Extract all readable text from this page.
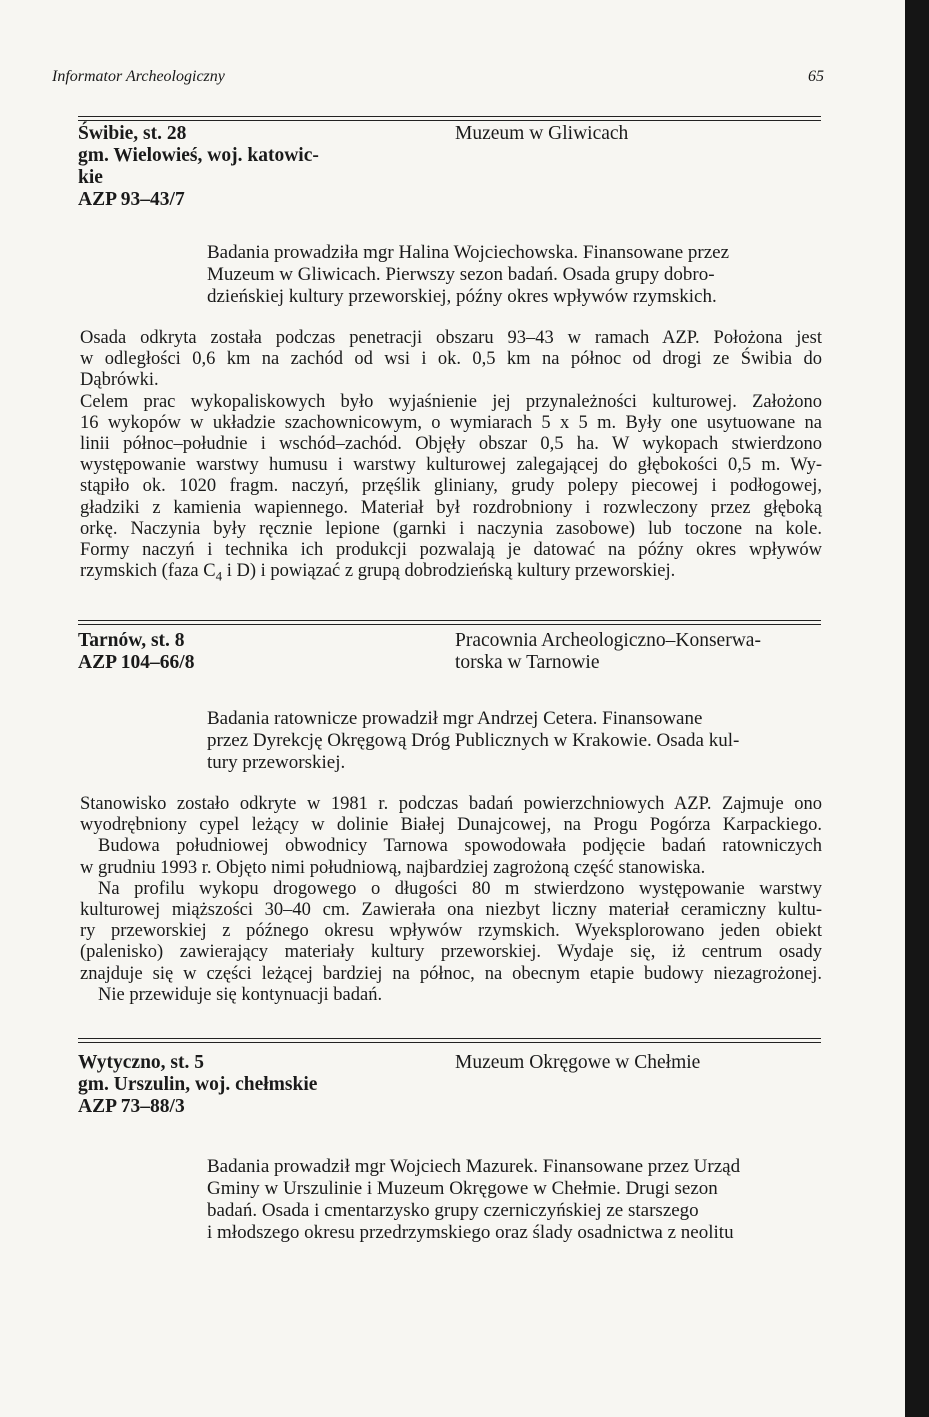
Informator Archeologiczny	65
Świbie, st. 28
gm. Wielowieś, woj. katowic-
kie
AZP 93–43/7
Muzeum w Gliwicach
Badania prowadziła mgr Halina Wojciechowska. Finansowane przez
Muzeum w Gliwicach. Pierwszy sezon badań. Osada grupy dobro-
dzieńskiej kultury przeworskiej, późny okres wpływów rzymskich.
Osada odkryta została podczas penetracji obszaru 93–43 w ramach AZP. Położona jest
w odległości 0,6 km na zachód od wsi i ok. 0,5 km na północ od drogi ze Świbia do
Dąbrówki.
Celem prac wykopaliskowych było wyjaśnienie jej przynależności kulturowej. Założono
16 wykopów w układzie szachownicowym, o wymiarach 5 x 5 m. Były one usytuowane na
linii północ–południe i wschód–zachód. Objęły obszar 0,5 ha. W wykopach stwierdzono
występowanie warstwy humusu i warstwy kulturowej zalegającej do głębokości 0,5 m. Wy-
stąpiło ok. 1020 fragm. naczyń, przęślik gliniany, grudy polepy piecowej i podłogowej,
gładziki z kamienia wapiennego. Materiał był rozdrobniony i rozwleczony przez głęboką
orkę. Naczynia były ręcznie lepione (garnki i naczynia zasobowe) lub toczone na kole.
Formy naczyń i technika ich produkcji pozwalają je datować na późny okres wpływów
rzymskich (faza $C_4$ i D) i powiązać z grupą dobrodzieńską kultury przeworskiej.
Tarnów, st. 8
AZP 104–66/8
Pracownia Archeologiczno–Konserwa-
torska w Tarnowie
Badania ratownicze prowadził mgr Andrzej Cetera. Finansowane
przez Dyrekcję Okręgową Dróg Publicznych w Krakowie. Osada kul-
tury przeworskiej.
Stanowisko zostało odkryte w 1981 r. podczas badań powierzchniowych AZP. Zajmuje ono
wyodrębniony cypel leżący w dolinie Białej Dunajcowej, na Progu Pogórza Karpackiego.
Budowa południowej obwodnicy Tarnowa spowodowała podjęcie badań ratowniczych
w grudniu 1993 r. Objęto nimi południową, najbardziej zagrożoną część stanowiska.
Na profilu wykopu drogowego o długości 80 m stwierdzono występowanie warstwy
kulturowej miąższości 30–40 cm. Zawierała ona niezbyt liczny materiał ceramiczny kultu-
ry przeworskiej z późnego okresu wpływów rzymskich. Wyeksplorowano jeden obiekt
(palenisko) zawierający materiały kultury przeworskiej. Wydaje się, iż centrum osady
znajduje się w części leżącej bardziej na północ, na obecnym etapie budowy niezagrożonej.
Nie przewiduje się kontynuacji badań.
Wytyczno, st. 5
gm. Urszulin, woj. chełmskie
AZP 73–88/3
Muzeum Okręgowe w Chełmie
Badania prowadził mgr Wojciech Mazurek. Finansowane przez Urząd
Gminy w Urszulinie i Muzeum Okręgowe w Chełmie. Drugi sezon
badań. Osada i cmentarzysko grupy czerniczyńskiej ze starszego
i młodszego okresu przedrzymskiego oraz ślady osadnictwa z neolitu
